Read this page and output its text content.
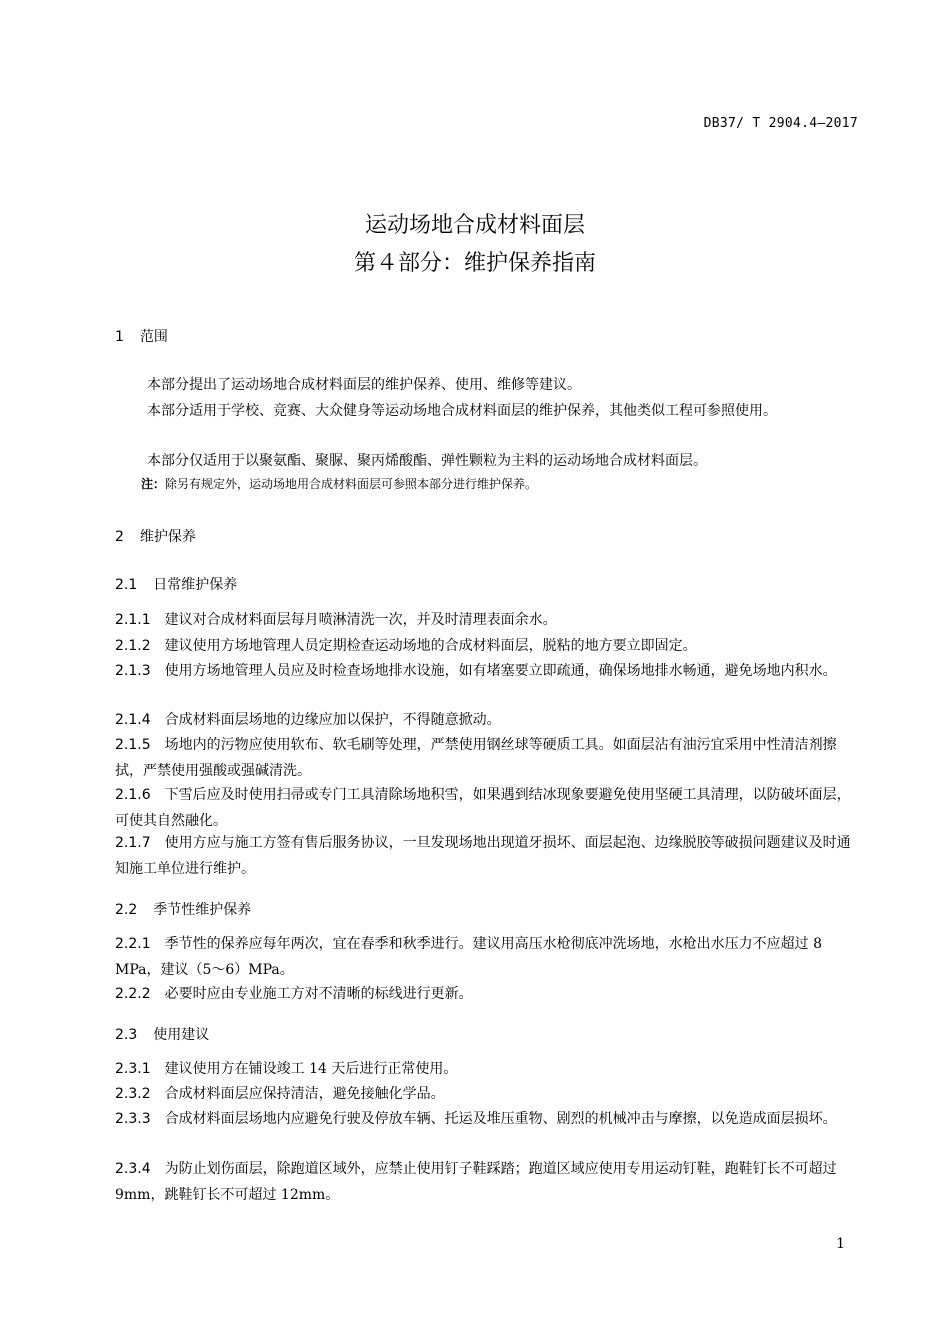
DB37/ T 2904.4—2017
运动场地合成材料面层
第４部分：维护保养指南
1 范围

本部分提出了运动场地合成材料面层的维护保养、使用、维修等建议。

本部分适用于学校、竞赛、大众健身等运动场地合成材料面层的维护保养，其他类似工程可参照使用。

本部分仅适用于以聚氨酯、聚脲、聚丙烯酸酯、弹性颗粒为主料的运动场地合成材料面层。

注：除另有规定外，运动场地用合成材料面层可参照本部分进行维护保养。
2 维护保养
2.1 日常维护保养

2.1.1 建议对合成材料面层每月喷淋清洗一次，并及时清理表面余水。

2.1.2 建议使用方场地管理人员定期检查运动场地的合成材料面层，脱粘的地方要立即固定。

2.1.3 使用方场地管理人员应及时检查场地排水设施，如有堵塞要立即疏通，确保场地排水畅通，避免场地内积水。

2.1.4 合成材料面层场地的边缘应加以保护，不得随意掀动。

2.1.5 场地内的污物应使用软布、软毛刷等处理，严禁使用钢丝球等硬质工具。如面层沾有油污宜采用中性清洁剂擦拭，严禁使用强酸或强碱清洗。

2.1.6 下雪后应及时使用扫帚或专门工具清除场地积雪，如果遇到结冰现象要避免使用坚硬工具清理，以防破坏面层，可使其自然融化。

2.1.7 使用方应与施工方签有售后服务协议，一旦发现场地出现道牙损坏、面层起泡、边缘脱胶等破损问题建议及时通知施工单位进行维护。

2.2 季节性维护保养

2.2.1 季节性的保养应每年两次，宜在春季和秋季进行。建议用高压水枪彻底冲洗场地，水枪出水压力不应超过 8 MPa，建议（5～6）MPa。

2.2.2 必要时应由专业施工方对不清晰的标线进行更新。

2.3 使用建议

2.3.1 建议使用方在铺设竣工 14 天后进行正常使用。

2.3.2 合成材料面层应保持清洁，避免接触化学品。

2.3.3 合成材料面层场地内应避免行驶及停放车辆、托运及堆压重物、剧烈的机械冲击与摩擦，以免造成面层损坏。

2.3.4 为防止划伤面层，除跑道区域外，应禁止使用钉子鞋踩踏；跑道区域应使用专用运动钉鞋，跑鞋钉长不可超过 9mm，跳鞋钉长不可超过 12mm。

1
